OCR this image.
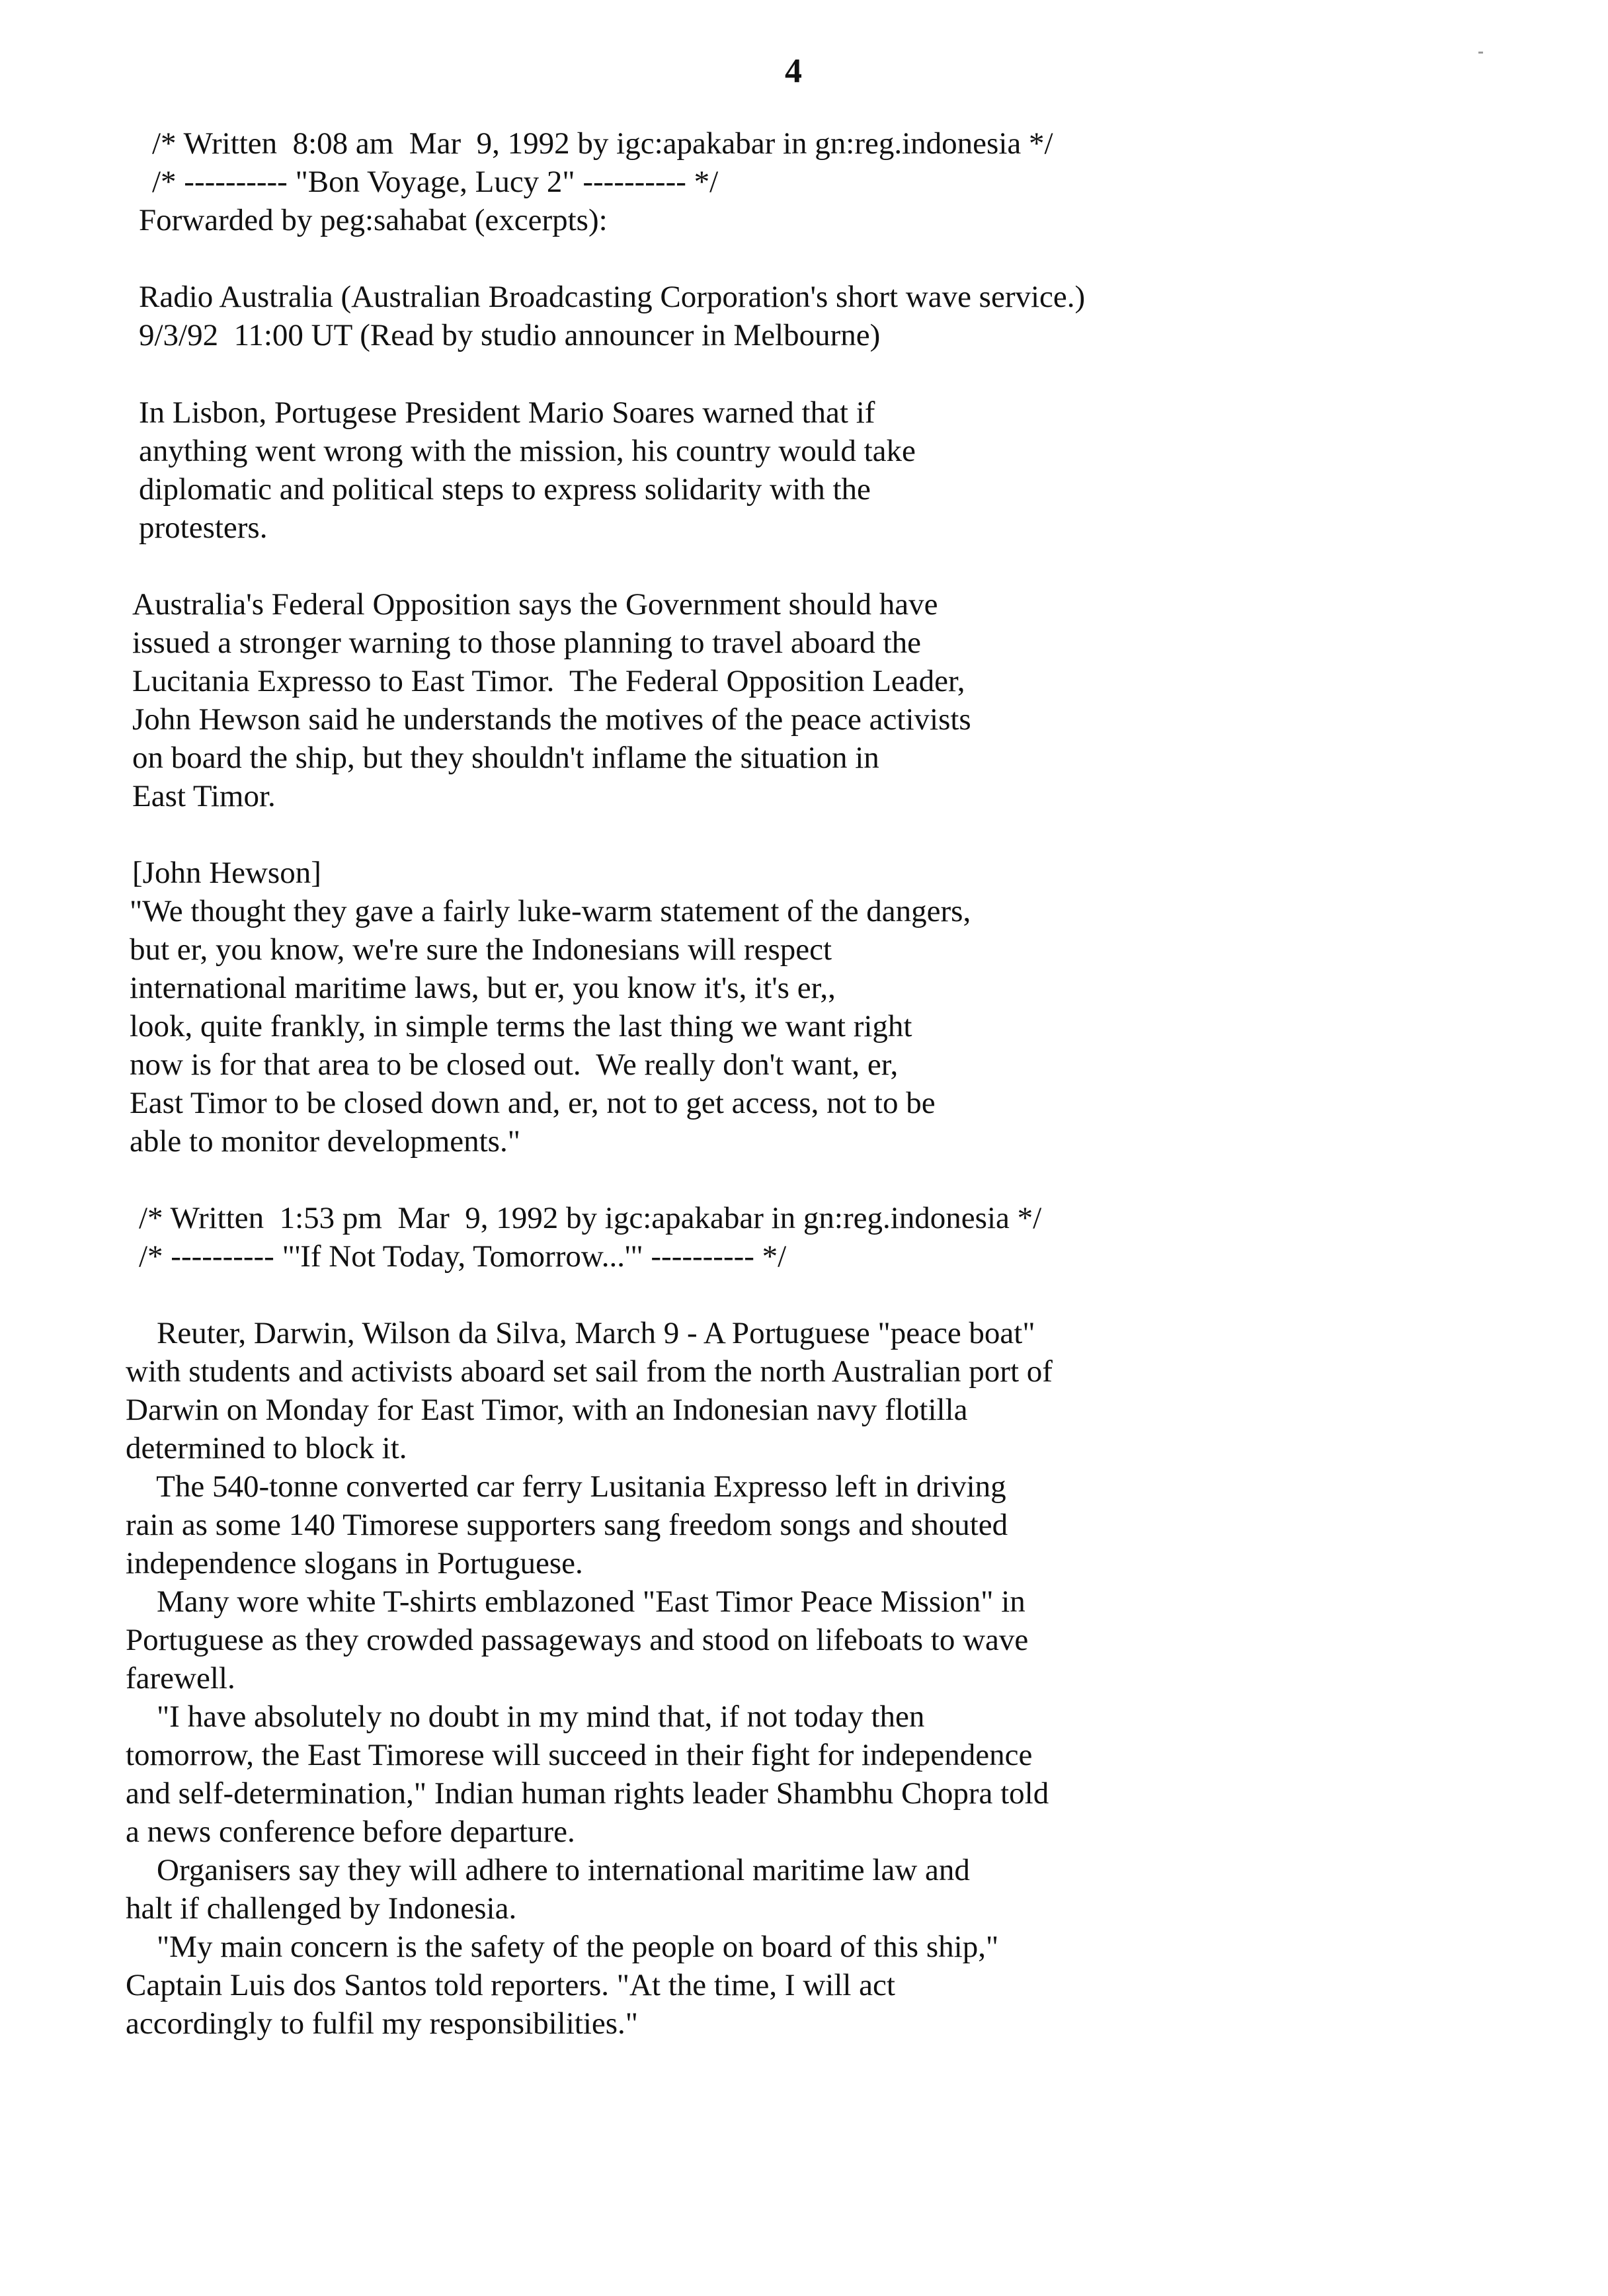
4
/* Written  8:08 am  Mar  9, 1992 by igc:apakabar in gn:reg.indonesia */
/* ---------- "Bon Voyage, Lucy 2" ---------- */
Forwarded by peg:sahabat (excerpts):
Radio Australia (Australian Broadcasting Corporation's short wave service.)
9/3/92  11:00 UT (Read by studio announcer in Melbourne)
In Lisbon, Portugese President Mario Soares warned that if
anything went wrong with the mission, his country would take
diplomatic and political steps to express solidarity with the
protesters.
Australia's Federal Opposition says the Government should have
issued a stronger warning to those planning to travel aboard the
Lucitania Expresso to East Timor.  The Federal Opposition Leader,
John Hewson said he understands the motives of the peace activists
on board the ship, but they shouldn't inflame the situation in
East Timor.
[John Hewson]
"We thought they gave a fairly luke-warm statement of the dangers,
but er, you know, we're sure the Indonesians will respect
international maritime laws, but er, you know it's, it's er,,
look, quite frankly, in simple terms the last thing we want right
now is for that area to be closed out.  We really don't want, er,
East Timor to be closed down and, er, not to get access, not to be
able to monitor developments."
/* Written  1:53 pm  Mar  9, 1992 by igc:apakabar in gn:reg.indonesia */
/* ---------- "'If Not Today, Tomorrow...'" ---------- */
Reuter, Darwin, Wilson da Silva, March 9 - A Portuguese "peace boat"
with students and activists aboard set sail from the north Australian port of
Darwin on Monday for East Timor, with an Indonesian navy flotilla
determined to block it.
The 540-tonne converted car ferry Lusitania Expresso left in driving
rain as some 140 Timorese supporters sang freedom songs and shouted
independence slogans in Portuguese.
Many wore white T-shirts emblazoned "East Timor Peace Mission" in
Portuguese as they crowded passageways and stood on lifeboats to wave
farewell.
"I have absolutely no doubt in my mind that, if not today then
tomorrow, the East Timorese will succeed in their fight for independence
and self-determination," Indian human rights leader Shambhu Chopra told
a news conference before departure.
Organisers say they will adhere to international maritime law and
halt if challenged by Indonesia.
"My main concern is the safety of the people on board of this ship,"
Captain Luis dos Santos told reporters. "At the time, I will act
accordingly to fulfil my responsibilities."
